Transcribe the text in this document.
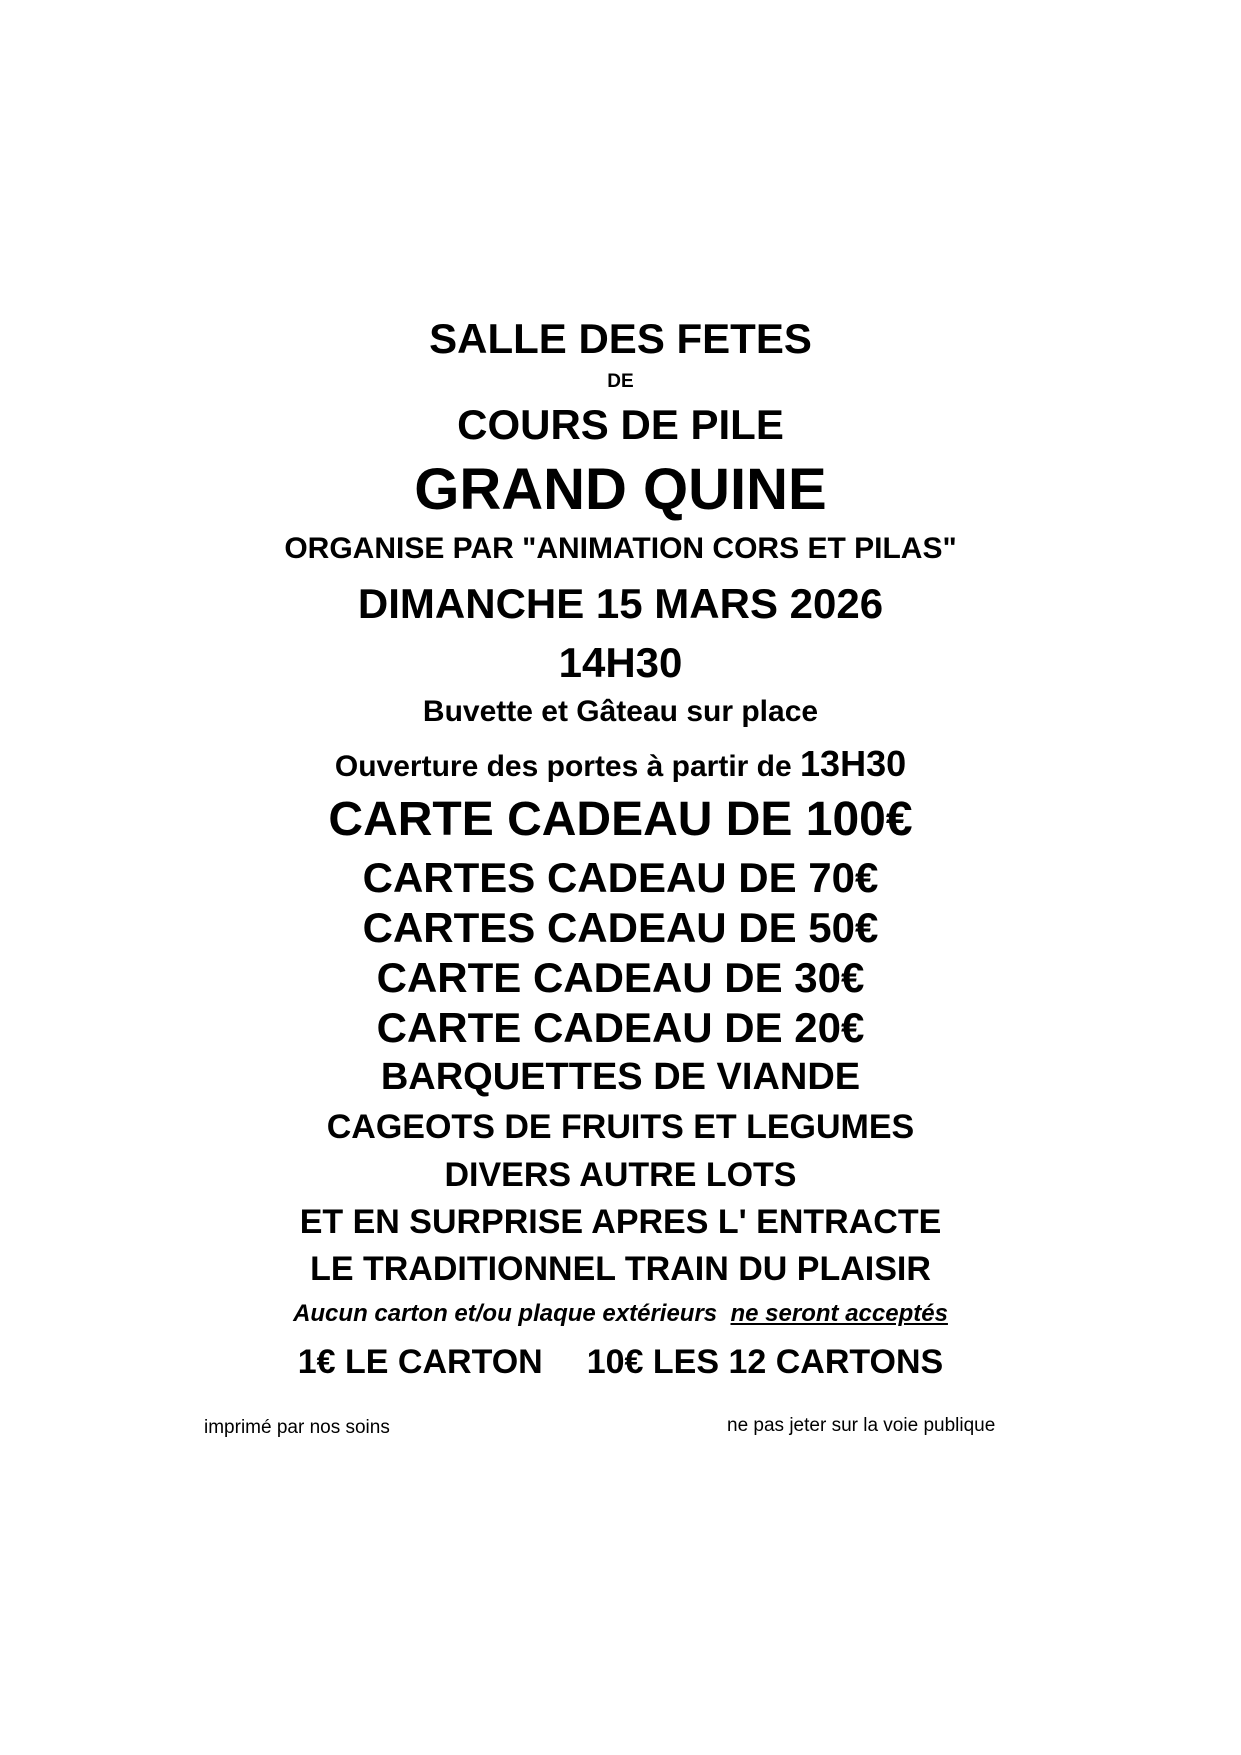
SALLE DES FETES
DE
COURS DE PILE
GRAND QUINE
ORGANISE PAR "ANIMATION CORS ET PILAS"
DIMANCHE 15 MARS 2026
14H30
Buvette et Gâteau sur place
Ouverture des portes à partir de 13H30
CARTE CADEAU DE 100€
CARTES CADEAU DE 70€
CARTES CADEAU DE 50€
CARTE CADEAU DE 30€
CARTE CADEAU DE 20€
BARQUETTES DE VIANDE
CAGEOTS DE FRUITS ET LEGUMES
DIVERS AUTRE LOTS
ET EN SURPRISE APRES L' ENTRACTE
LE TRADITIONNEL TRAIN DU PLAISIR
Aucun carton et/ou plaque extérieurs  ne seront acceptés
1€ LE CARTON 10€ LES 12 CARTONS
imprimé par nos soins	ne pas jeter sur la voie publique
